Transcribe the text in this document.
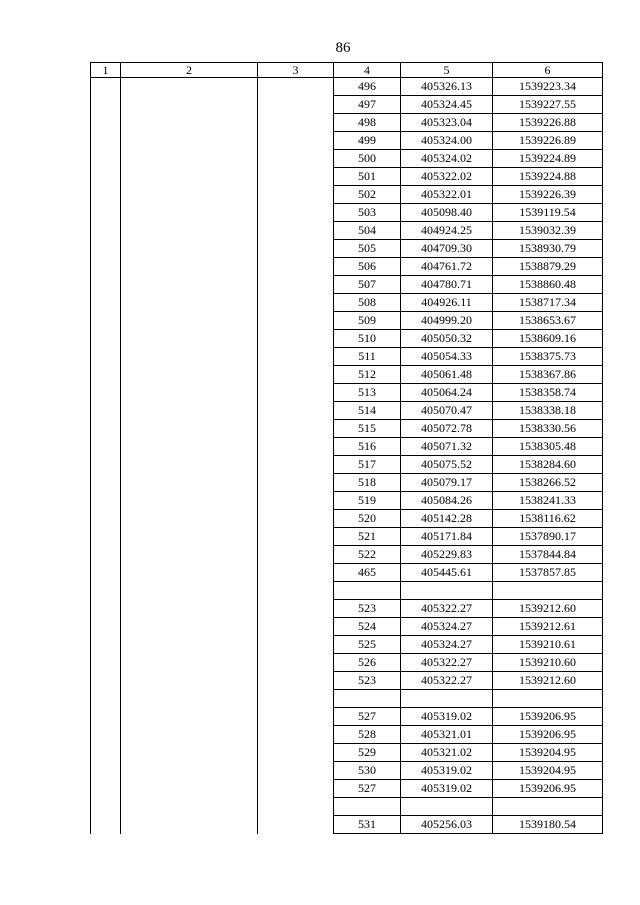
86
1	2	3	4	5	6
			496	405326.13	1539223.34
			497	405324.45	1539227.55
			498	405323.04	1539226.88
			499	405324.00	1539226.89
			500	405324.02	1539224.89
			501	405322.02	1539224.88
			502	405322.01	1539226.39
			503	405098.40	1539119.54
			504	404924.25	1539032.39
			505	404709.30	1538930.79
			506	404761.72	1538879.29
			507	404780.71	1538860.48
			508	404926.11	1538717.34
			509	404999.20	1538653.67
			510	405050.32	1538609.16
			511	405054.33	1538375.73
			512	405061.48	1538367.86
			513	405064.24	1538358.74
			514	405070.47	1538338.18
			515	405072.78	1538330.56
			516	405071.32	1538305.48
			517	405075.52	1538284.60
			518	405079.17	1538266.52
			519	405084.26	1538241.33
			520	405142.28	1538116.62
			521	405171.84	1537890.17
			522	405229.83	1537844.84
			465	405445.61	1537857.85

			523	405322.27	1539212.60
			524	405324.27	1539212.61
			525	405324.27	1539210.61
			526	405322.27	1539210.60
			523	405322.27	1539212.60

			527	405319.02	1539206.95
			528	405321.01	1539206.95
			529	405321.02	1539204.95
			530	405319.02	1539204.95
			527	405319.02	1539206.95

			531	405256.03	1539180.54
